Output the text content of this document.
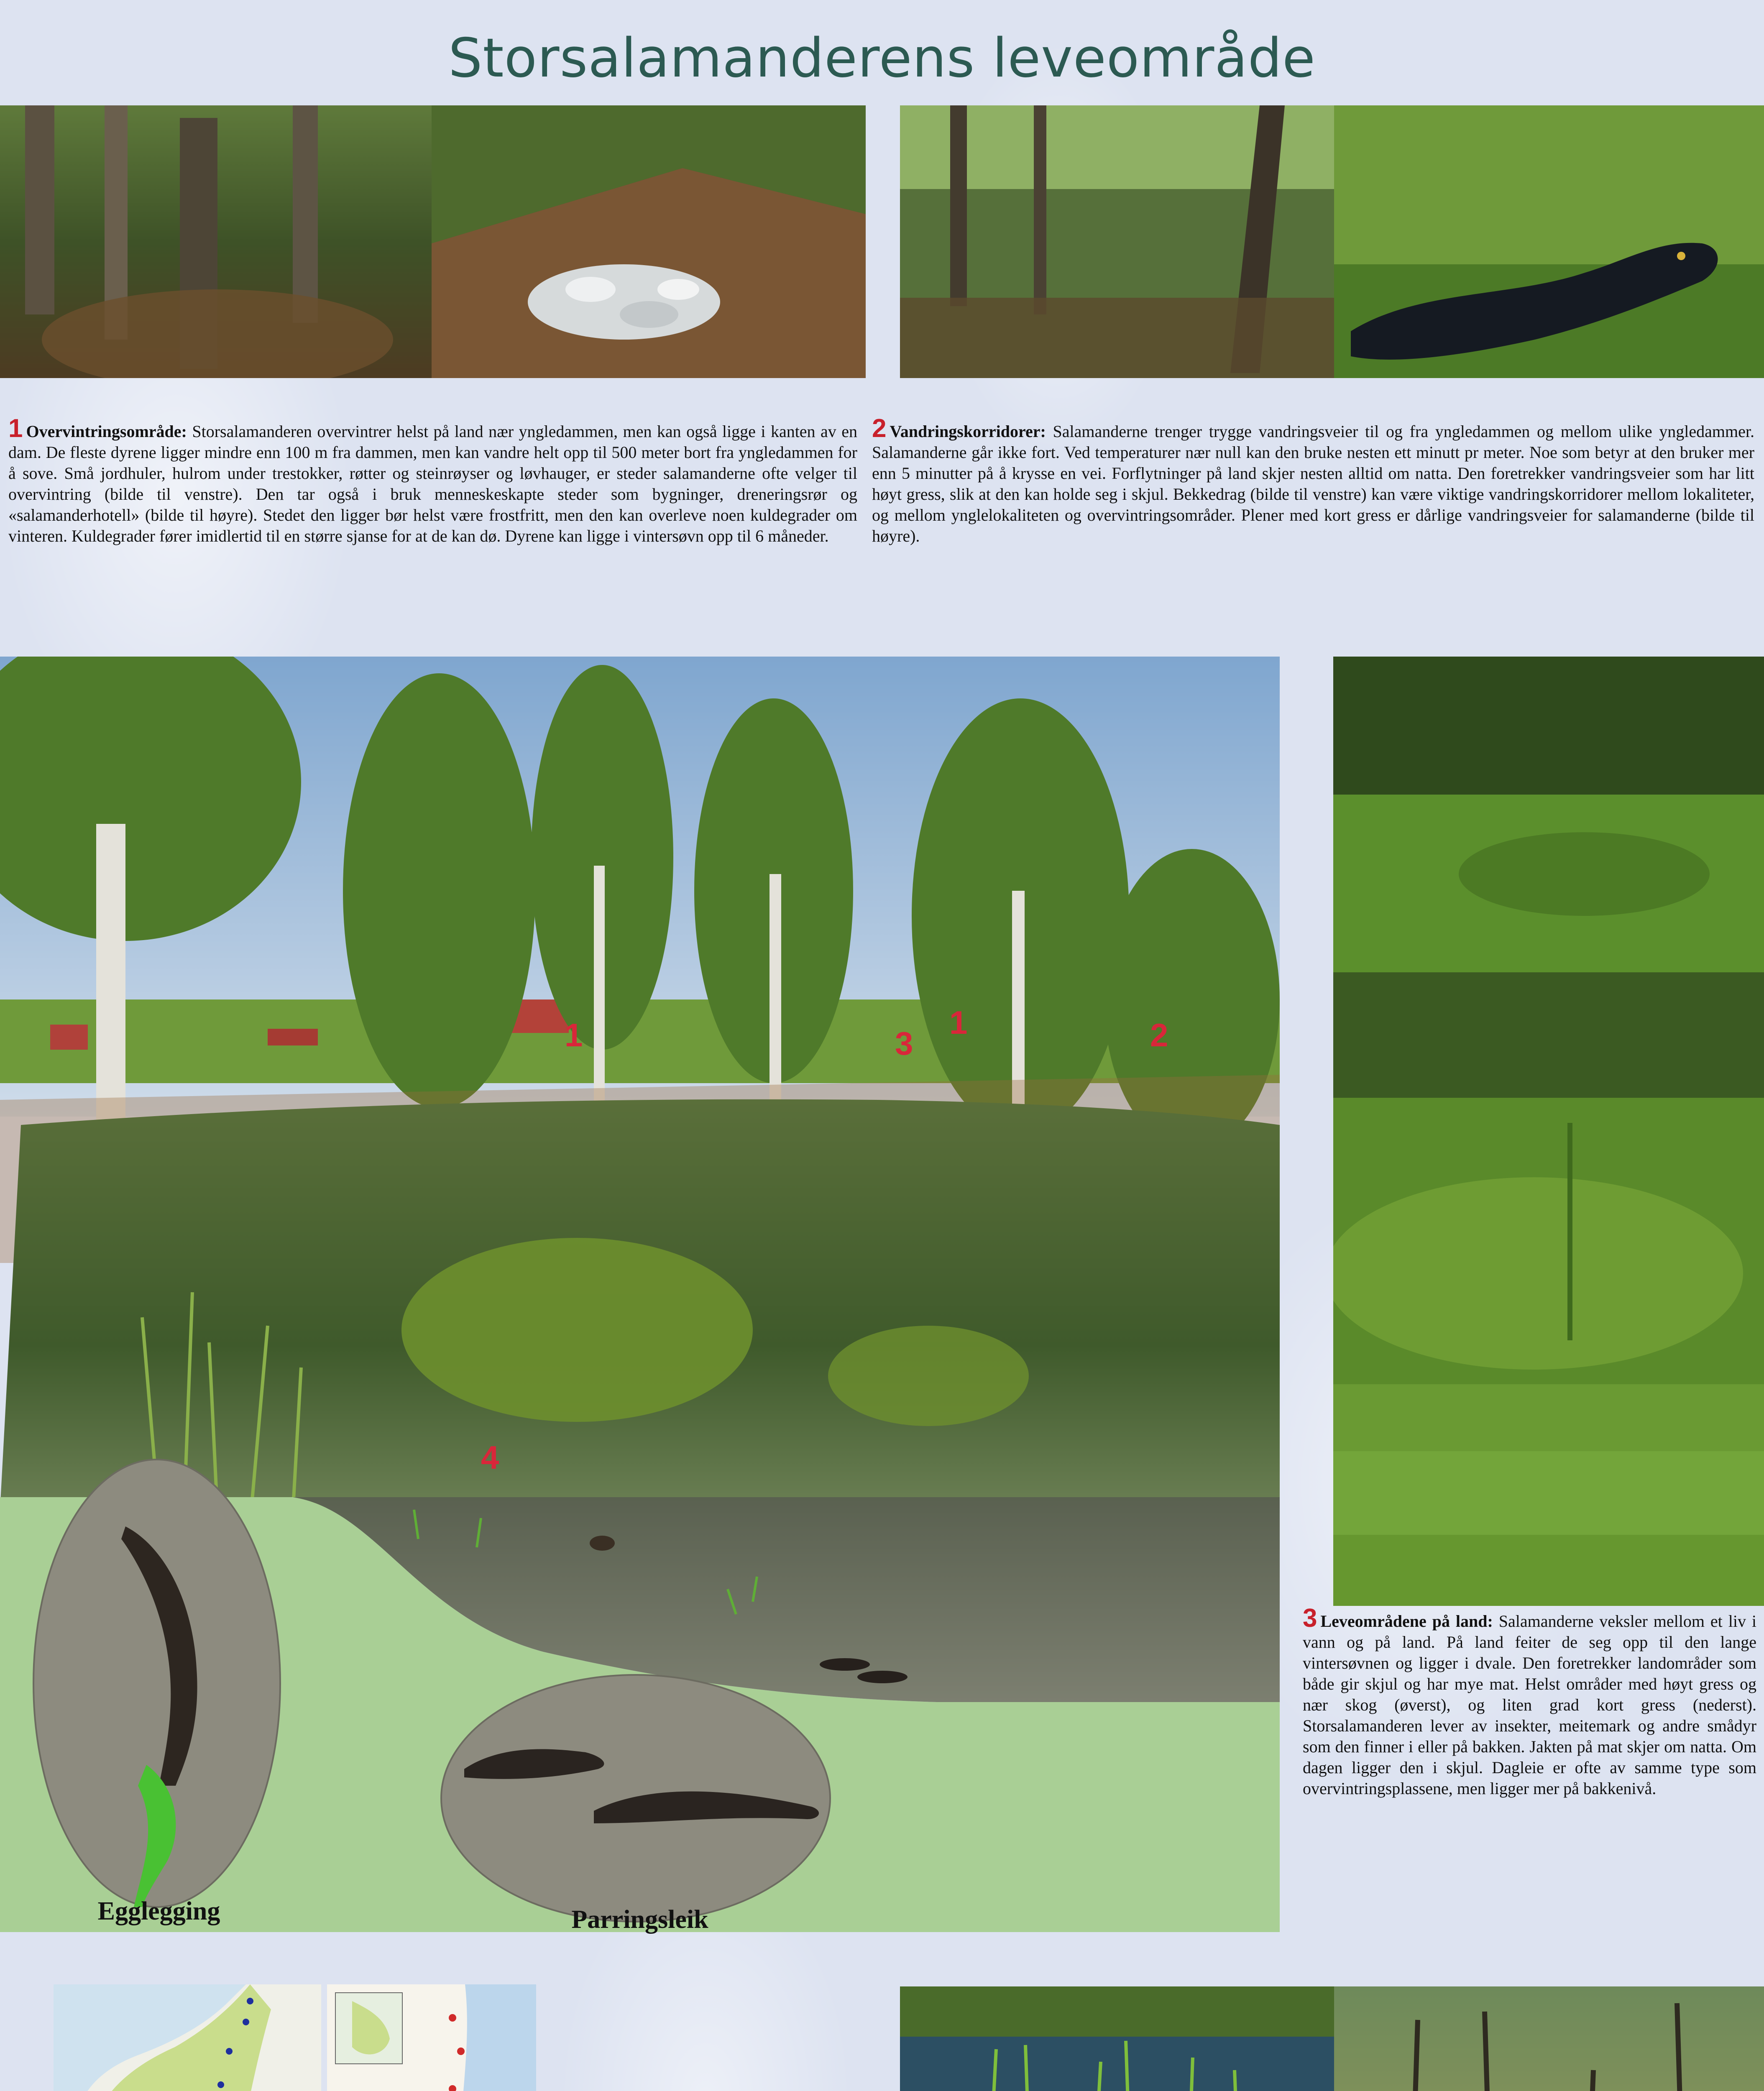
Storsalamanderens leveområde
1 Overvintringsområde: Storsalamanderen overvintrer helst på land nær yngledammen, men kan også ligge i kanten av en dam. De fleste dyrene ligger mindre enn 100 m fra dammen, men kan vandre helt opp til 500 meter bort fra yngledammen for å sove. Små jordhuler, hulrom under trestokker, røtter og steinrøyser og løvhauger, er steder salamanderne ofte velger til overvintring (bilde til venstre). Den tar også i bruk menneskeskapte steder som bygninger, dreneringsrør og «salamanderhotell» (bilde til høyre). Stedet den ligger bør helst være frostfritt, men den kan overleve noen kuldegrader om vinteren. Kuldegrader fører imidlertid til en større sjanse for at de kan dø. Dyrene kan ligge i vintersøvn opp til 6 måneder.
2 Vandringskorridorer: Salamanderne trenger trygge vandringsveier til og fra yngledammen og mellom ulike yngledammer. Salamanderne går ikke fort. Ved temperaturer nær null kan den bruke nesten ett minutt pr meter. Noe som betyr at den bruker mer enn 5 minutter på å krysse en vei. Forflytninger på land skjer nesten alltid om natta. Den foretrekker vandringsveier som har litt høyt gress, slik at den kan holde seg i skjul. Bekkedrag (bilde til venstre) kan være viktige vandringskorridorer mellom lokaliteter, og mellom ynglelokaliteten og overvintringsområder. Plener med kort gress er dårlige vandringsveier for salamanderne (bilde til høyre).
1	1
3	2
4
Egglegging	Parringsleik
3 Leveområdene på land: Salamanderne veksler mellom et liv i vann og på land. På land feiter de seg opp til den lange vintersøvnen og ligger i dvale. Den foretrekker landområder som både gir skjul og har mye mat. Helst områder med høyt gress og nær skog (øverst), og liten grad kort gress (nederst). Storsalamanderen lever av insekter, meitemark og andre smådyr som den finner i eller på bakken. Jakten på mat skjer om natta. Om dagen ligger den i skjul. Dagleie er ofte av samme type som overvintringsplassene, men ligger mer på bakkenivå.
